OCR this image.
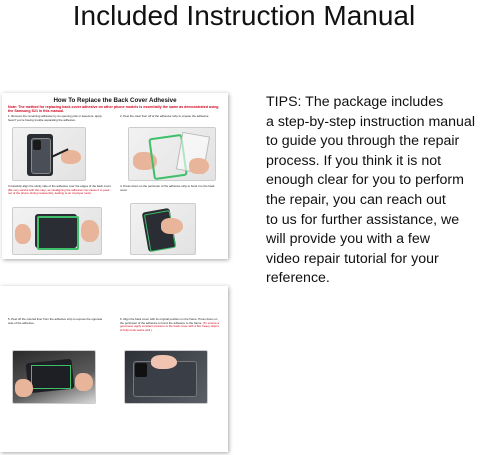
Included Instruction Manual
How To Replace the Back Cover Adhesive
Note: The method for replacing back cover adhesive on other phone models is essentially the same as demonstrated using the Samsung S21 in this manual.
1. Remove the remaining adhesive by an opening pick or tweezers, apply heat if you're having trouble separating the adhesive.
2. Peel the clear liner off of the adhesive strip to expose the adhesive.
3.Carefully align the sticky side of the adhesive over the edges of the back cover. (Be very careful with this step, as misaligning the adhesive can cause it to peek out of the phone during reassembly, leading to an improper seal.)
4. Press down on the perimeter of the adhesive strip to bond it to the back cover.
5. Peel off the colored liner from the adhesive strip to expose the opposite side of the adhesive.
6. Align the back cover with its original position on the frame. Press down on the perimeter of the adhesive to bond the adhesive to the frame. (To ensure a good seal, apply constant pressure to the back cover with a flat, heavy object. A hefty book works well.)
TIPS: The package includes
a step-by-step instruction manual
to guide you through the repair
process. If you think it is not
enough clear for you to perform
the repair, you can reach out
to us for further assistance, we
will provide you with a few
video repair tutorial for your
reference.
